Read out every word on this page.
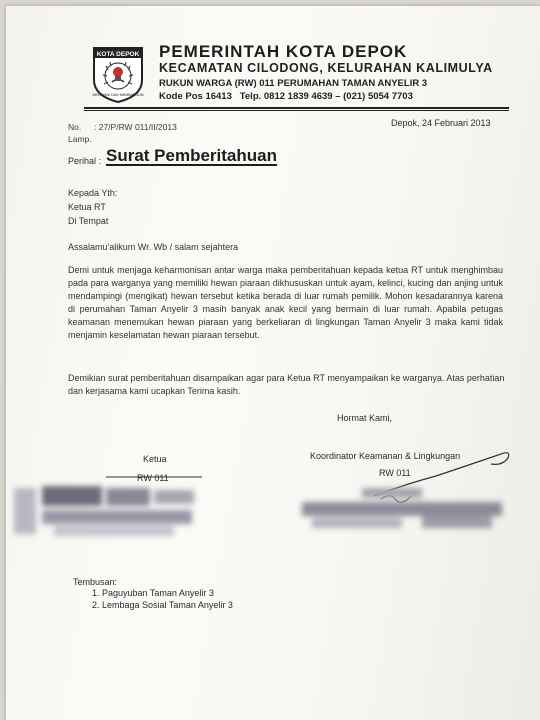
KOTA DEPOK
MELAYANI DAN MEMBANGUN
PEMERINTAH KOTA DEPOK
KECAMATAN CILODONG, KELURAHAN KALIMULYA
RUKUN WARGA (RW) 011 PERUMAHAN TAMAN ANYELIR 3
Kode Pos 16413 Telp. 0812 1839 4639 – (021) 5054 7703
No. : 27/P/RW 011/II/2013
Lamp.
Depok, 24 Februari 2013
Perihal : Surat Pemberitahuan
Kepada Yth:
Ketua RT
Di Tempat
Assalamu'alikum Wr. Wb / salam sejahtera
Demi untuk menjaga keharmonisan antar warga maka pemberitahuan kepada ketua RT untuk menghimbau pada para warganya yang memiliki hewan piaraan dikhususkan untuk ayam, kelinci, kucing dan anjing untuk mendampingi (mengikat) hewan tersebut ketika berada di luar rumah pemilik. Mohon kesadarannya karena di perumahan Taman Anyelir 3 masih banyak anak kecil yang bermain di luar rumah. Apabila petugas keamanan menemukan hewan piaraan yang berkeliaran di lingkungan Taman Anyelir 3 maka kami tidak menjamin keselamatan hewan piaraan tersebut.
Demikian surat pemberitahuan disampaikan agar para Ketua RT menyampaikan ke warganya. Atas perhatian dan kerjasama kami ucapkan Terima kasih.
Hormat Kami,
Ketua	Koordinator Keamanan & Lingkungan
RW 011
RW 011
Tembusan:
1. Paguyuban Taman Anyelir 3
2. Lembaga Sosial Taman Anyelir 3
